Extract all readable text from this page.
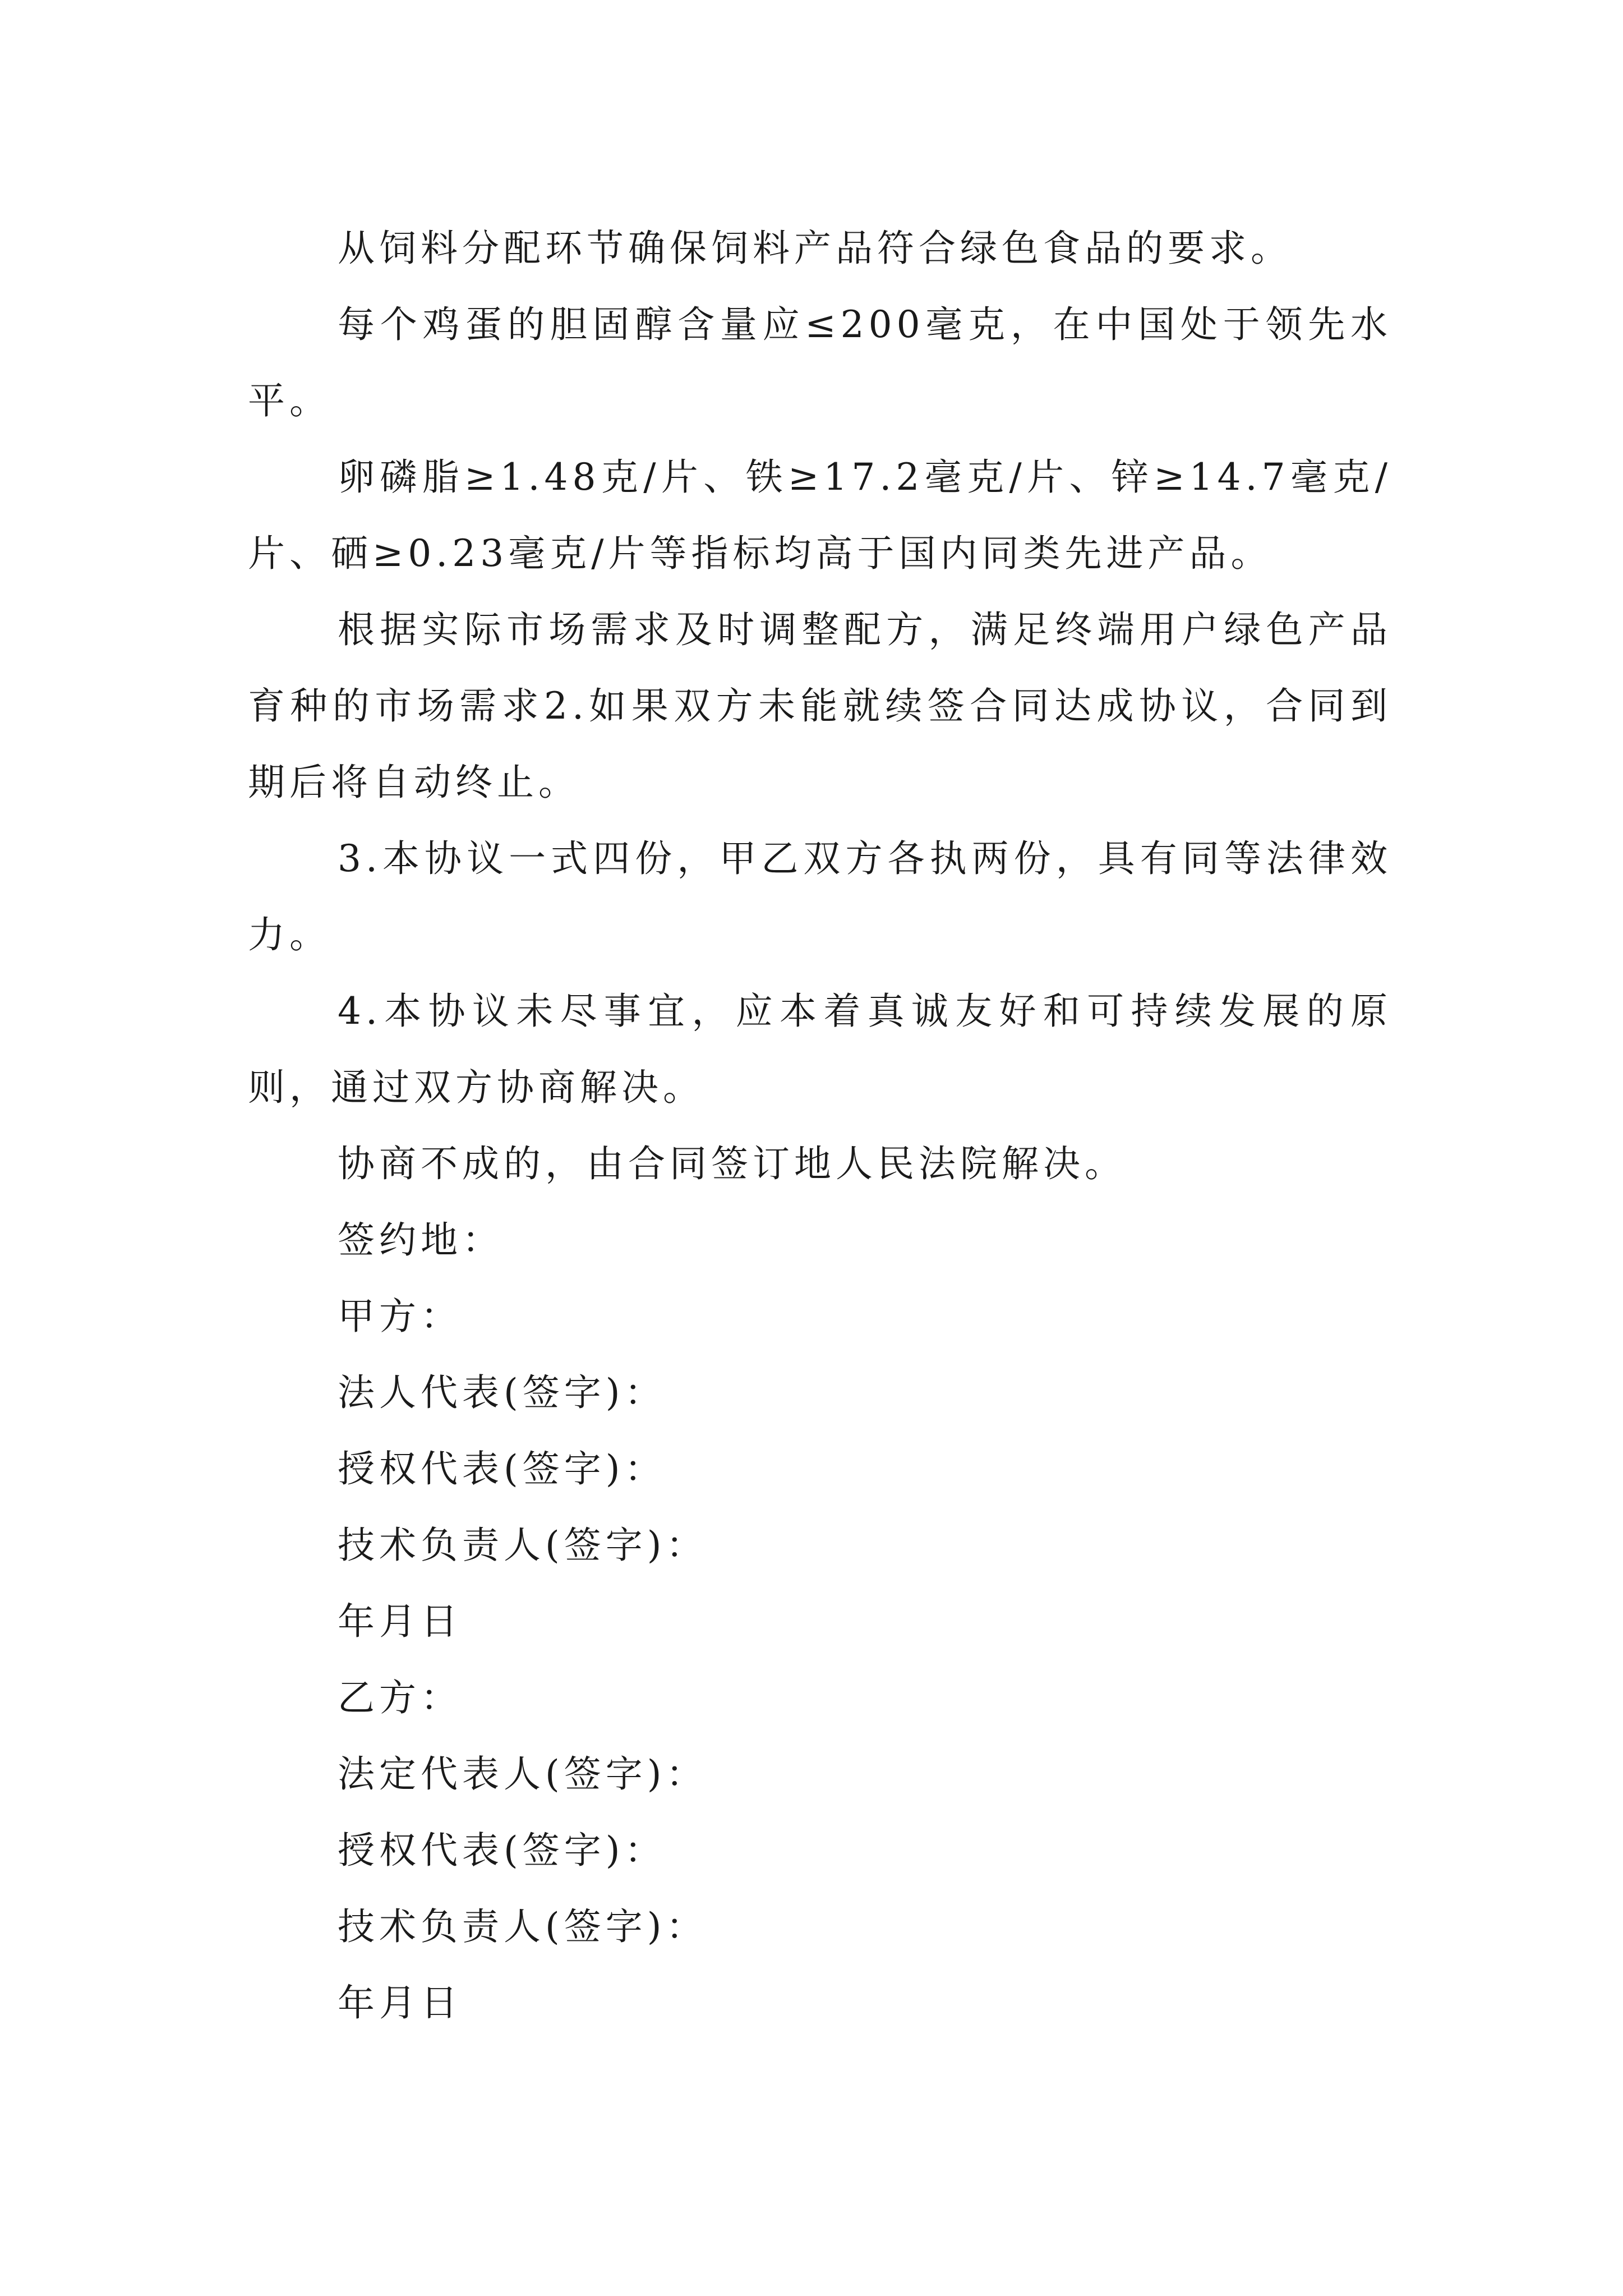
从饲料分配环节确保饲料产品符合绿色食品的要求。

每个鸡蛋的胆固醇含量应≤200毫克，在中国处于领先水平。

卵磷脂≥1.48克/片、铁≥17.2毫克/片、锌≥14.7毫克/片、硒≥0.23毫克/片等指标均高于国内同类先进产品。

根据实际市场需求及时调整配方，满足终端用户绿色产品育种的市场需求2.如果双方未能就续签合同达成协议，合同到期后将自动终止。

3.本协议一式四份，甲乙双方各执两份，具有同等法律效力。

4.本协议未尽事宜，应本着真诚友好和可持续发展的原则，通过双方协商解决。

协商不成的，由合同签订地人民法院解决。

签约地：

甲方：

法人代表(签字)：

授权代表(签字)：

技术负责人(签字)：

年月日

乙方：

法定代表人(签字)：

授权代表(签字)：

技术负责人(签字)：

年月日
